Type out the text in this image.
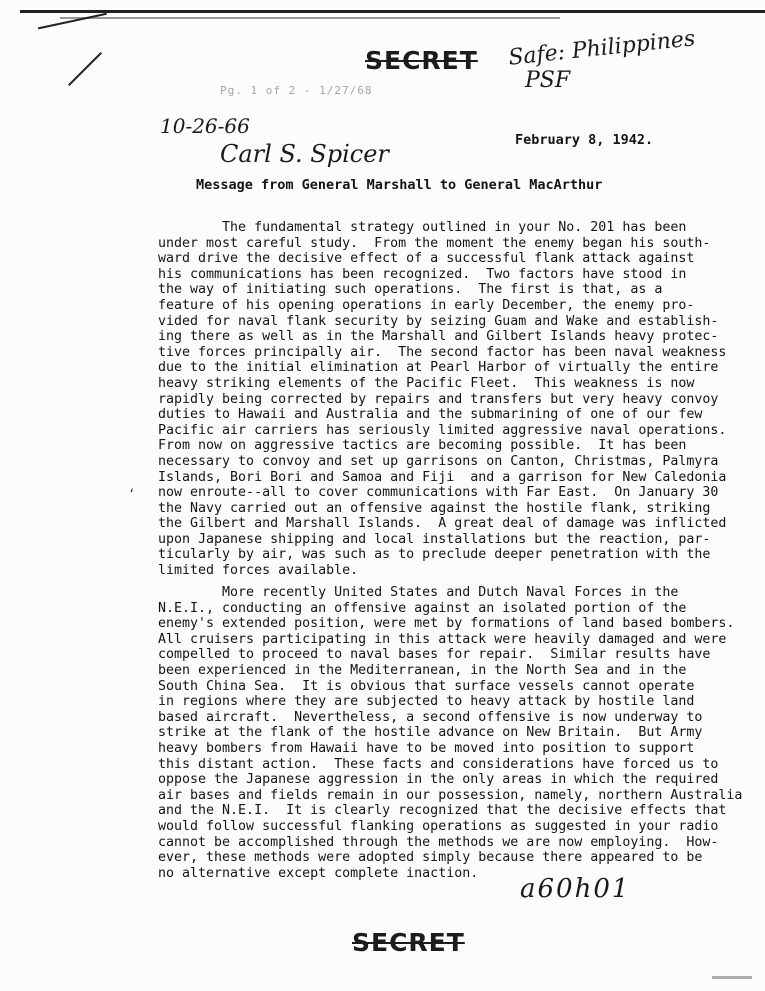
Pg. 1 of 2 - 1/27/68
SECRET Safe: Philippines
PSF
10-26-66
Carl S. Spicer	February 8, 1942.
Message from General Marshall to General MacArthur

The fundamental strategy outlined in your No. 201 has been
under most careful study.  From the moment the enemy began his south-
ward drive the decisive effect of a successful flank attack against
his communications has been recognized.  Two factors have stood in
the way of initiating such operations.  The first is that, as a
feature of his opening operations in early December, the enemy pro-
vided for naval flank security by seizing Guam and Wake and establish-
ing there as well as in the Marshall and Gilbert Islands heavy protec-
tive forces principally air.  The second factor has been naval weakness
due to the initial elimination at Pearl Harbor of virtually the entire
heavy striking elements of the Pacific Fleet.  This weakness is now
rapidly being corrected by repairs and transfers but very heavy convoy
duties to Hawaii and Australia and the submarining of one of our few
Pacific air carriers has seriously limited aggressive naval operations.
From now on aggressive tactics are becoming possible.  It has been
necessary to convoy and set up garrisons on Canton, Christmas, Palmyra
Islands, Bori Bori and Samoa and Fiji  and a garrison for New Caledonia
now enroute--all to cover communications with Far East.  On January 30
the Navy carried out an offensive against the hostile flank, striking
the Gilbert and Marshall Islands.  A great deal of damage was inflicted
upon Japanese shipping and local installations but the reaction, par-
ticularly by air, was such as to preclude deeper penetration with the
limited forces available.

‘

More recently United States and Dutch Naval Forces in the
N.E.I., conducting an offensive against an isolated portion of the
enemy's extended position, were met by formations of land based bombers.
All cruisers participating in this attack were heavily damaged and were
compelled to proceed to naval bases for repair.  Similar results have
been experienced in the Mediterranean, in the North Sea and in the
South China Sea.  It is obvious that surface vessels cannot operate
in regions where they are subjected to heavy attack by hostile land
based aircraft.  Nevertheless, a second offensive is now underway to
strike at the flank of the hostile advance on New Britain.  But Army
heavy bombers from Hawaii have to be moved into position to support
this distant action.  These facts and considerations have forced us to
oppose the Japanese aggression in the only areas in which the required
air bases and fields remain in our possession, namely, northern Australia
and the N.E.I.  It is clearly recognized that the decisive effects that
would follow successful flanking operations as suggested in your radio
cannot be accomplished through the methods we are now employing.  How-
ever, these methods were adopted simply because there appeared to be
no alternative except complete inaction.

a60h01
SECRET
